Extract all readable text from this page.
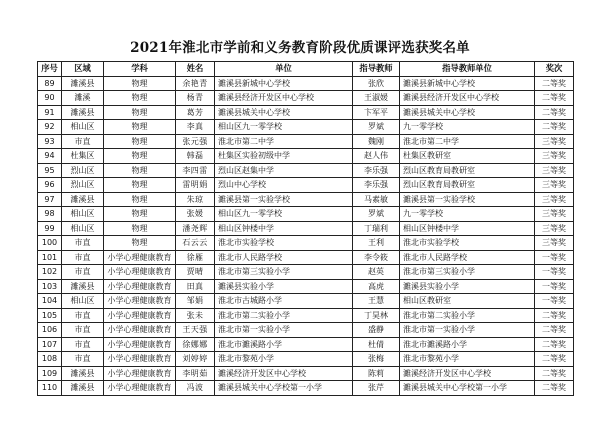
2021年淮北市学前和义务教育阶段优质课评选获奖名单
序号	区域	学科	姓名	单位	指导教师	指导教师单位	奖次
89	濉溪县	物理	余艳青	濉溪县新城中心学校	张欣	濉溪县新城中心学校	二等奖
90	濉溪	物理	杨青	濉溪县经济开发区中心学校	王淑媛	濉溪县经济开发区中心学校	二等奖
91	濉溪县	物理	葛芳	濉溪县城关中心学校	卞军平	濉溪县城关中心学校	二等奖
92	相山区	物理	李真	相山区九一零学校	罗斌	九一零学校	二等奖
93	市直	物理	张元强	淮北市第二中学	魏刚	淮北市第二中学	三等奖
94	杜集区	物理	韩磊	杜集区实验初级中学	赵人伟	杜集区教研室	三等奖
95	烈山区	物理	李四雷	烈山区赵集中学	李乐强	烈山区教育局教研室	三等奖
96	烈山区	物理	雷明娟	烈山中心学校	李乐强	烈山区教育局教研室	三等奖
97	濉溪县	物理	朱琼	濉溪县第一实验学校	马素敏	濉溪县第一实验学校	三等奖
98	相山区	物理	张媛	相山区九一零学校	罗斌	九一零学校	三等奖
99	相山区	物理	潘尧辉	相山区钟楼中学	丁瑞利	相山区钟楼中学	三等奖
100	市直	物理	石云云	淮北市实验学校	王利	淮北市实验学校	三等奖
101	市直	小学心理健康教育	徐雁	淮北市人民路学校	李令筱	淮北市人民路学校	一等奖
102	市直	小学心理健康教育	贾晴	淮北市第三实验小学	赵英	淮北市第三实验小学	一等奖
103	濉溪县	小学心理健康教育	田真	濉溪县实验小学	高虎	濉溪县实验小学	一等奖
104	相山区	小学心理健康教育	邹娟	淮北市古城路小学	王慧	相山区教研室	一等奖
105	市直	小学心理健康教育	张未	淮北市第二实验小学	丁昊林	淮北市第二实验小学	二等奖
106	市直	小学心理健康教育	王天强	淮北市第一实验小学	盛静	淮北市第一实验小学	二等奖
107	市直	小学心理健康教育	徐娜娜	淮北市濉溪路小学	杜倩	淮北市濉溪路小学	二等奖
108	市直	小学心理健康教育	刘婷婷	淮北市黎苑小学	张梅	淮北市黎苑小学	二等奖
109	濉溪县	小学心理健康教育	李明茹	濉溪经济开发区中心学校	陈莉	濉溪经济开发区中心学校	二等奖
110	濉溪县	小学心理健康教育	冯波	濉溪县城关中心学校第一小学	张芹	濉溪县城关中心学校第一小学	二等奖
